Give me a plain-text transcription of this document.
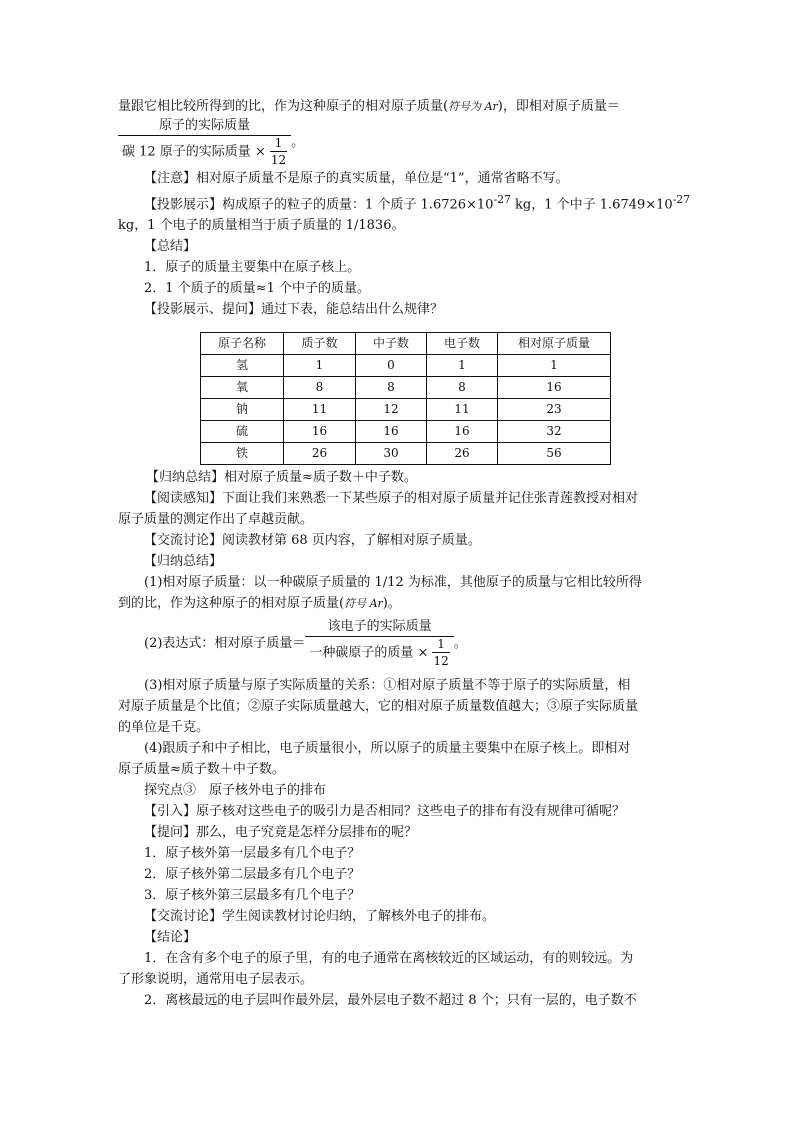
量跟它相比较所得到的比，作为这种原子的相对原子质量(符号为 Ar)，即相对原子质量＝
$\frac{\text{原子的实际质量}}{碳 12 原子的实际质量 \times \frac{1}{12}}$ 。
【注意】相对原子质量不是原子的真实质量，单位是“1”，通常省略不写。
【投影展示】构成原子的粒子的质量：1 个质子 $1.6726\times 10^{-27}$ kg，1 个中子 $1.6749\times 10^{-27}$
kg，1 个电子的质量相当于质子质量的 1/1836。
【总结】
1．原子的质量主要集中在原子核上。
2．1 个质子的质量≈1 个中子的质量。
【投影展示、提问】通过下表，能总结出什么规律？
原子名称	质子数	中子数	电子数	相对原子质量
氢	1	0	1	1
氧	8	8	8	16
钠	11	12	11	23
硫	16	16	16	32
铁	26	30	26	56
【归纳总结】相对原子质量≈质子数＋中子数。
【阅读感知】下面让我们来熟悉一下某些原子的相对原子质量并记住张青莲教授对相对
原子质量的测定作出了卓越贡献。
【交流讨论】阅读教材第 68 页内容，了解相对原子质量。
【归纳总结】
(1)相对原子质量：以一种碳原子质量的 1/12 为标准，其他原子的质量与它相比较所得
到的比，作为这种原子的相对原子质量(符号 Ar)。
(2)表达式：相对原子质量＝ $\frac{\text{该电子的实际质量}}{一种碳原子的质量 \times \frac{1}{12}}$ 。
(3)相对原子质量与原子实际质量的关系：①相对原子质量不等于原子的实际质量，相
对原子质量是个比值；②原子实际质量越大，它的相对原子质量数值越大；③原子实际质量
的单位是千克。
(4)跟质子和中子相比，电子质量很小，所以原子的质量主要集中在原子核上。即相对
原子质量≈质子数＋中子数。
探究点③　原子核外电子的排布
【引入】原子核对这些电子的吸引力是否相同？这些电子的排布有没有规律可循呢？
【提问】那么，电子究竟是怎样分层排布的呢？
1．原子核外第一层最多有几个电子？
2．原子核外第二层最多有几个电子？
3．原子核外第三层最多有几个电子？
【交流讨论】学生阅读教材讨论归纳，了解核外电子的排布。
【结论】
1．在含有多个电子的原子里，有的电子通常在离核较近的区域运动，有的则较远。为
了形象说明，通常用电子层表示。
2．离核最远的电子层叫作最外层，最外层电子数不超过 8 个；只有一层的，电子数不
